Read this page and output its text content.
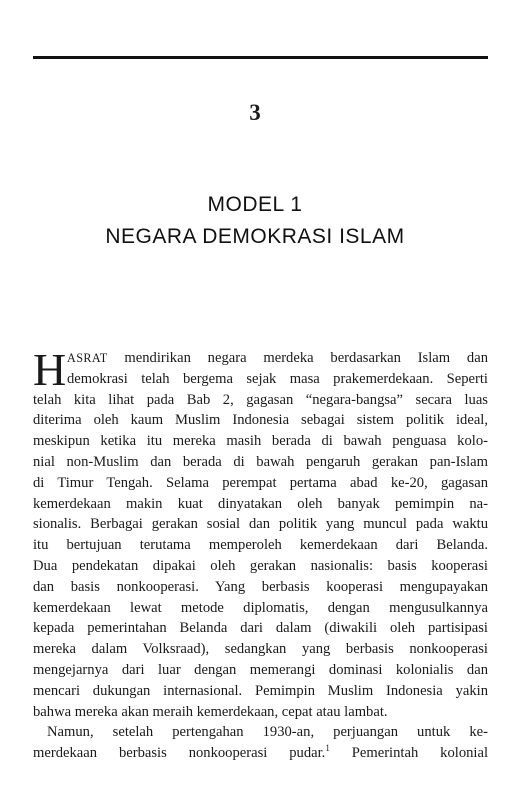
3
MODEL 1
NEGARA DEMOKRASI ISLAM
H ASRAT mendirikan negara merdeka berdasarkan Islam dan
demokrasi telah bergema sejak masa prakemerdekaan. Seperti
telah kita lihat pada Bab 2, gagasan “negara-bangsa” secara luas
diterima oleh kaum Muslim Indonesia sebagai sistem politik ideal,
meskipun ketika itu mereka masih berada di bawah penguasa kolo-
nial non-Muslim dan berada di bawah pengaruh gerakan pan-Islam
di Timur Tengah. Selama perempat pertama abad ke-20, gagasan
kemerdekaan makin kuat dinyatakan oleh banyak pemimpin na-
sionalis. Berbagai gerakan sosial dan politik yang muncul pada waktu
itu bertujuan terutama memperoleh kemerdekaan dari Belanda.
Dua pendekatan dipakai oleh gerakan nasionalis: basis kooperasi
dan basis nonkooperasi. Yang berbasis kooperasi mengupayakan
kemerdekaan lewat metode diplomatis, dengan mengusulkannya
kepada pemerintahan Belanda dari dalam (diwakili oleh partisipasi
mereka dalam Volksraad), sedangkan yang berbasis nonkooperasi
mengejarnya dari luar dengan memerangi dominasi kolonialis dan
mencari dukungan internasional. Pemimpin Muslim Indonesia yakin
bahwa mereka akan meraih kemerdekaan, cepat atau lambat.
Namun, setelah pertengahan 1930-an, perjuangan untuk ke-
merdekaan berbasis nonkooperasi pudar.$^1$ Pemerintah kolonial
